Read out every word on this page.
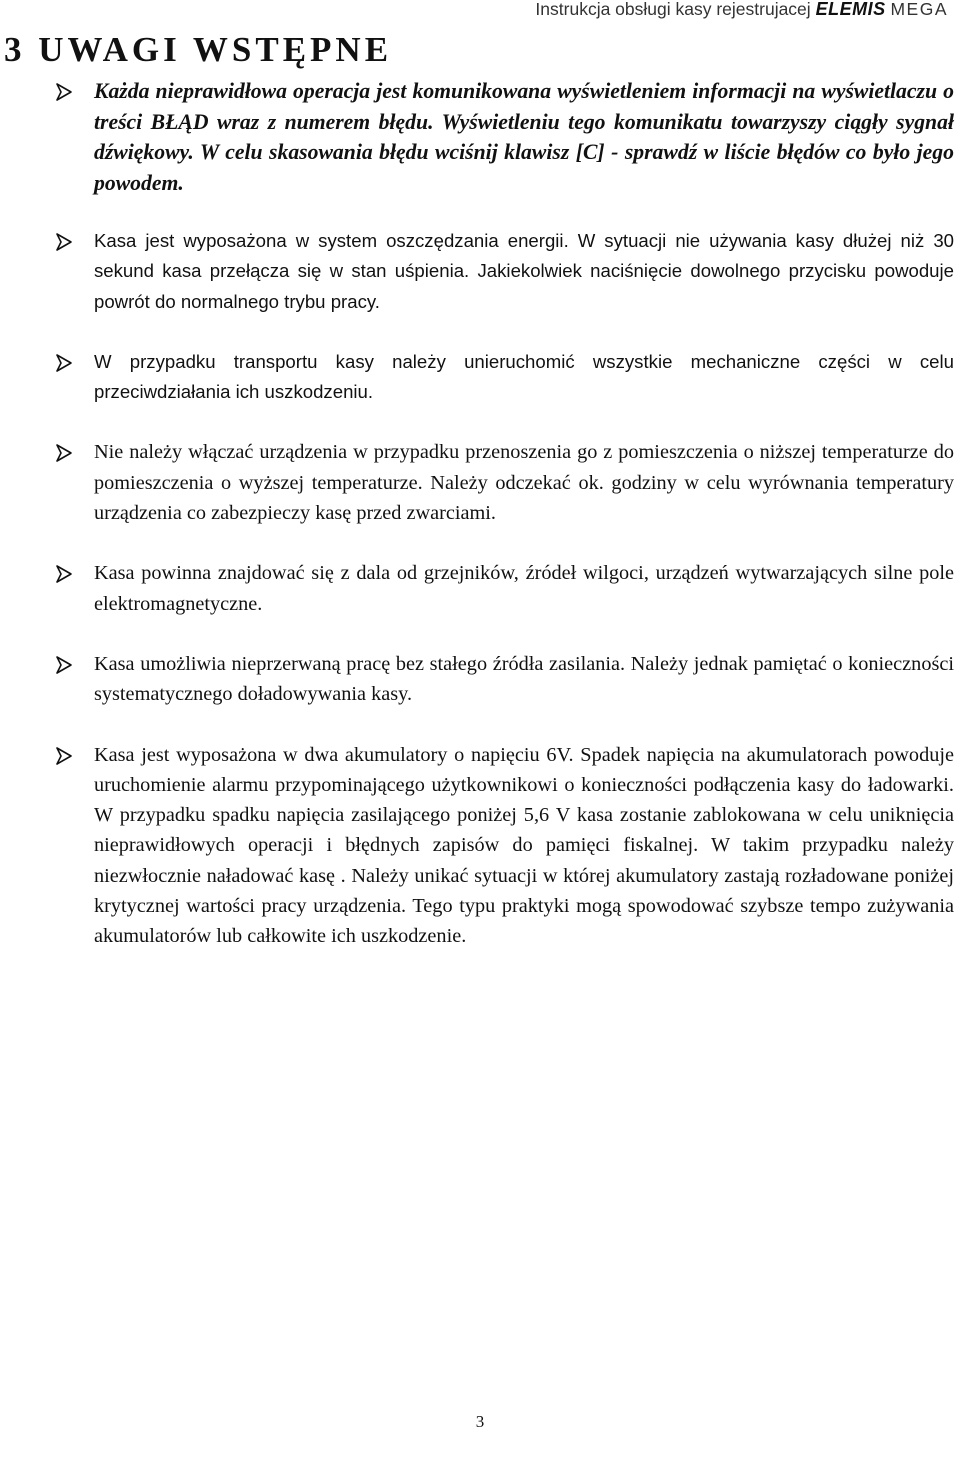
Instrukcja obsługi kasy rejestrujacej ELEMIS MEGA
3 UWAGI WSTĘPNE
Każda nieprawidłowa operacja jest komunikowana wyświetleniem informacji na wyświetlaczu o treści BŁĄD wraz z numerem błędu. Wyświetleniu tego komunikatu towarzyszy ciągły sygnał dźwiękowy. W celu skasowania błędu wciśnij klawisz [C] - sprawdź w liście błędów co było jego powodem.
Kasa jest wyposażona w system oszczędzania energii. W sytuacji nie używania kasy dłużej niż 30 sekund kasa przełącza się w stan uśpienia. Jakiekolwiek naciśnięcie dowolnego przycisku powoduje powrót do normalnego trybu pracy.
W przypadku transportu kasy należy unieruchomić wszystkie mechaniczne części w celu przeciwdziałania ich uszkodzeniu.
Nie należy włączać urządzenia w przypadku przenoszenia go z pomieszczenia o niższej temperaturze do pomieszczenia o wyższej temperaturze. Należy odczekać ok. godziny w celu wyrównania temperatury urządzenia co zabezpieczy kasę przed zwarciami.
Kasa powinna znajdować się z dala od grzejników, źródeł wilgoci, urządzeń wytwarzających silne pole elektromagnetyczne.
Kasa umożliwia nieprzerwaną pracę bez stałego źródła zasilania. Należy jednak pamiętać o konieczności systematycznego doładowywania kasy.
Kasa jest wyposażona w dwa akumulatory o napięciu 6V. Spadek napięcia na akumulatorach powoduje uruchomienie alarmu przypominającego użytkownikowi o konieczności podłączenia kasy do ładowarki. W przypadku spadku napięcia zasilającego poniżej 5,6 V kasa zostanie zablokowana w celu uniknięcia nieprawidłowych operacji i błędnych zapisów do pamięci fiskalnej. W takim przypadku należy niezwłocznie naładować kasę . Należy unikać sytuacji w której akumulatory zastają rozładowane poniżej krytycznej wartości pracy urządzenia. Tego typu praktyki mogą spowodować szybsze tempo zużywania akumulatorów lub całkowite ich uszkodzenie.
3
